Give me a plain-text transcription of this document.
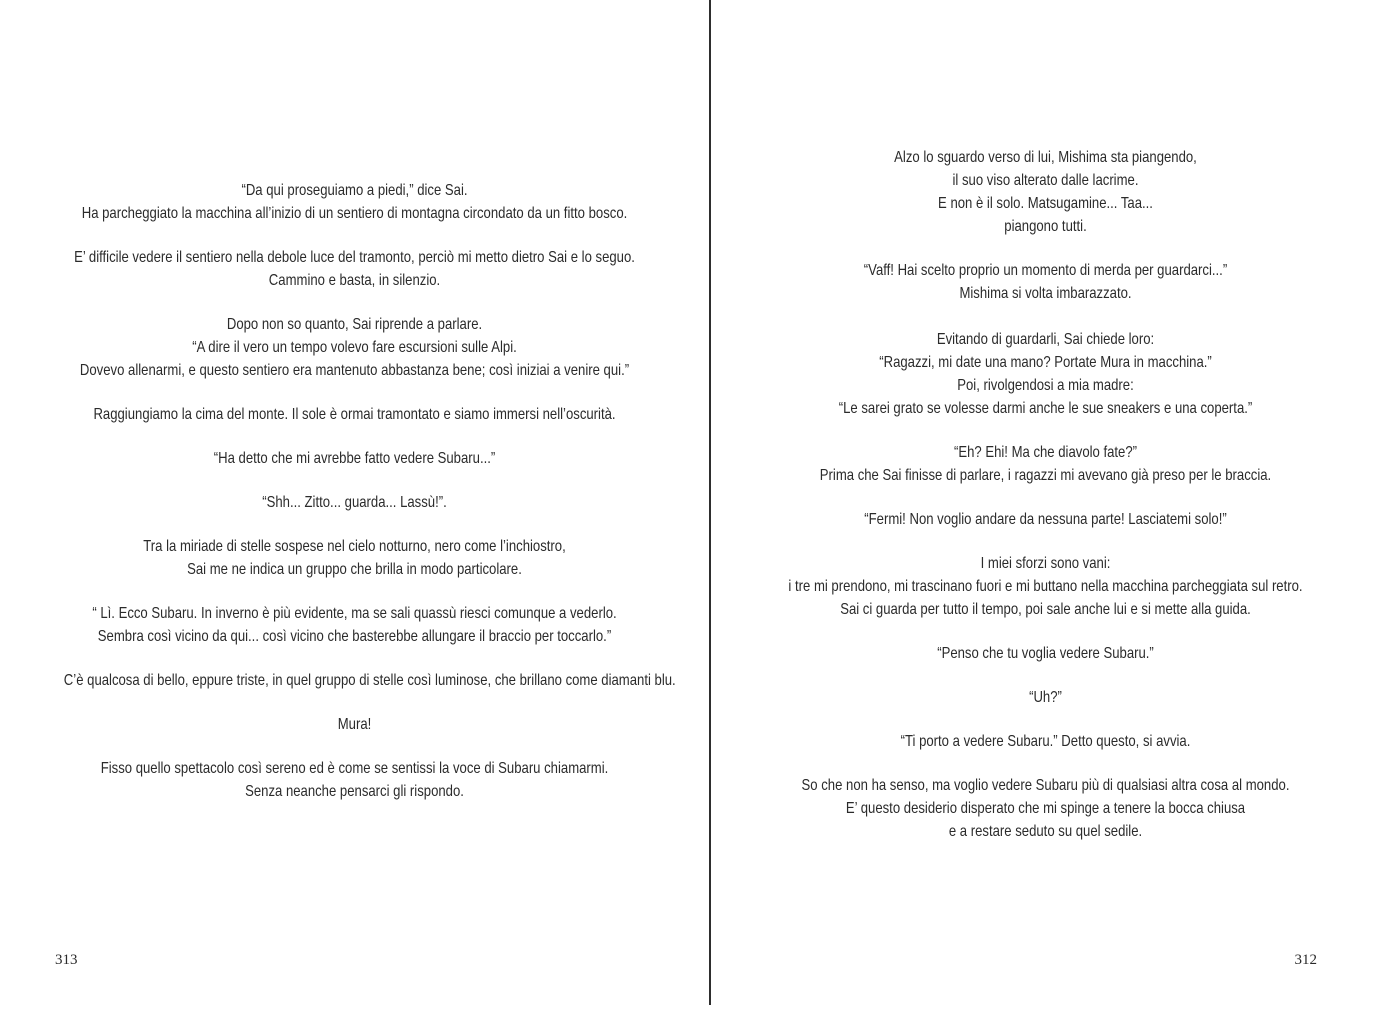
“Da qui proseguiamo a piedi,” dice Sai.
Ha parcheggiato la macchina all’inizio di un sentiero di montagna circondato da un fitto bosco.
E’ difficile vedere il sentiero nella debole luce del tramonto, perciò mi metto dietro Sai e lo seguo.
Cammino e basta, in silenzio.
Dopo non so quanto, Sai riprende a parlare.
“A dire il vero un tempo volevo fare escursioni sulle Alpi.
Dovevo allenarmi, e questo sentiero era mantenuto abbastanza bene; così iniziai a venire qui.”
Raggiungiamo la cima del monte. Il sole è ormai tramontato e siamo immersi nell’oscurità.
“Ha detto che mi avrebbe fatto vedere Subaru...”
“Shh... Zitto... guarda... Lassù!”.
Tra la miriade di stelle sospese nel cielo notturno, nero come l’inchiostro,
Sai me ne indica un gruppo che brilla in modo particolare.
“ Lì. Ecco Subaru. In inverno è più evidente, ma se sali quassù riesci comunque a vederlo.
Sembra così vicino da qui... così vicino che basterebbe allungare il braccio per toccarlo.”
C’è qualcosa di bello, eppure triste, in quel gruppo di stelle così luminose, che brillano come diamanti blu.
Mura!
Fisso quello spettacolo così sereno ed è come se sentissi la voce di Subaru chiamarmi.
Senza neanche pensarci gli rispondo.
313
Alzo lo sguardo verso di lui, Mishima sta piangendo,
il suo viso alterato dalle lacrime.
E non è il solo. Matsugamine... Taa...
piangono tutti.
“Vaff! Hai scelto proprio un momento di merda per guardarci...”
Mishima si volta imbarazzato.
Evitando di guardarli, Sai chiede loro:
“Ragazzi, mi date una mano? Portate Mura in macchina.”
Poi, rivolgendosi a mia madre:
“Le sarei grato se volesse darmi anche le sue sneakers e una coperta.”
“Eh? Ehi! Ma che diavolo fate?”
Prima che Sai finisse di parlare, i ragazzi mi avevano già preso per le braccia.
“Fermi! Non voglio andare da nessuna parte! Lasciatemi solo!”
I miei sforzi sono vani:
i tre mi prendono, mi trascinano fuori e mi buttano nella macchina parcheggiata sul retro.
Sai ci guarda per tutto il tempo, poi sale anche lui e si mette alla guida.
“Penso che tu voglia vedere Subaru.”
“Uh?”
“Ti porto a vedere Subaru.” Detto questo, si avvia.
So che non ha senso, ma voglio vedere Subaru più di qualsiasi altra cosa al mondo.
E’ questo desiderio disperato che mi spinge a tenere la bocca chiusa
e a restare seduto su quel sedile.
312
